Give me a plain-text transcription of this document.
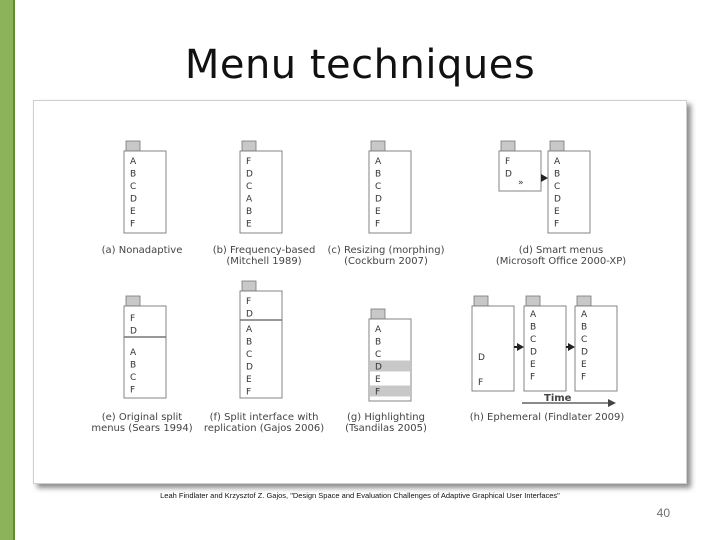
Menu techniques
A
B
C
D
E
F
(a) Nonadaptive
F
D
C
A
B
E
(b) Frequency-based
(Mitchell 1989)
A
B
C
D
E
F
(c) Resizing (morphing)
(Cockburn 2007)
F
D
»
A
B
C
D
E
F
(d) Smart menus
(Microsoft Office 2000-XP)
F
D
A
B
C
F
(e) Original split
menus (Sears 1994)
F
D
A
B
C
D
E
F
(f) Split interface with
replication (Gajos 2006)
A
B
C
D
E
F
(g) Highlighting
(Tsandilas 2005)
D
F
A
B
C
D
E
F
A
B
C
D
E
F
Time
(h) Ephemeral (Findlater 2009)
Leah Findlater and Krzysztof Z. Gajos, "Design Space and Evaluation Challenges of Adaptive Graphical User Interfaces"
40
